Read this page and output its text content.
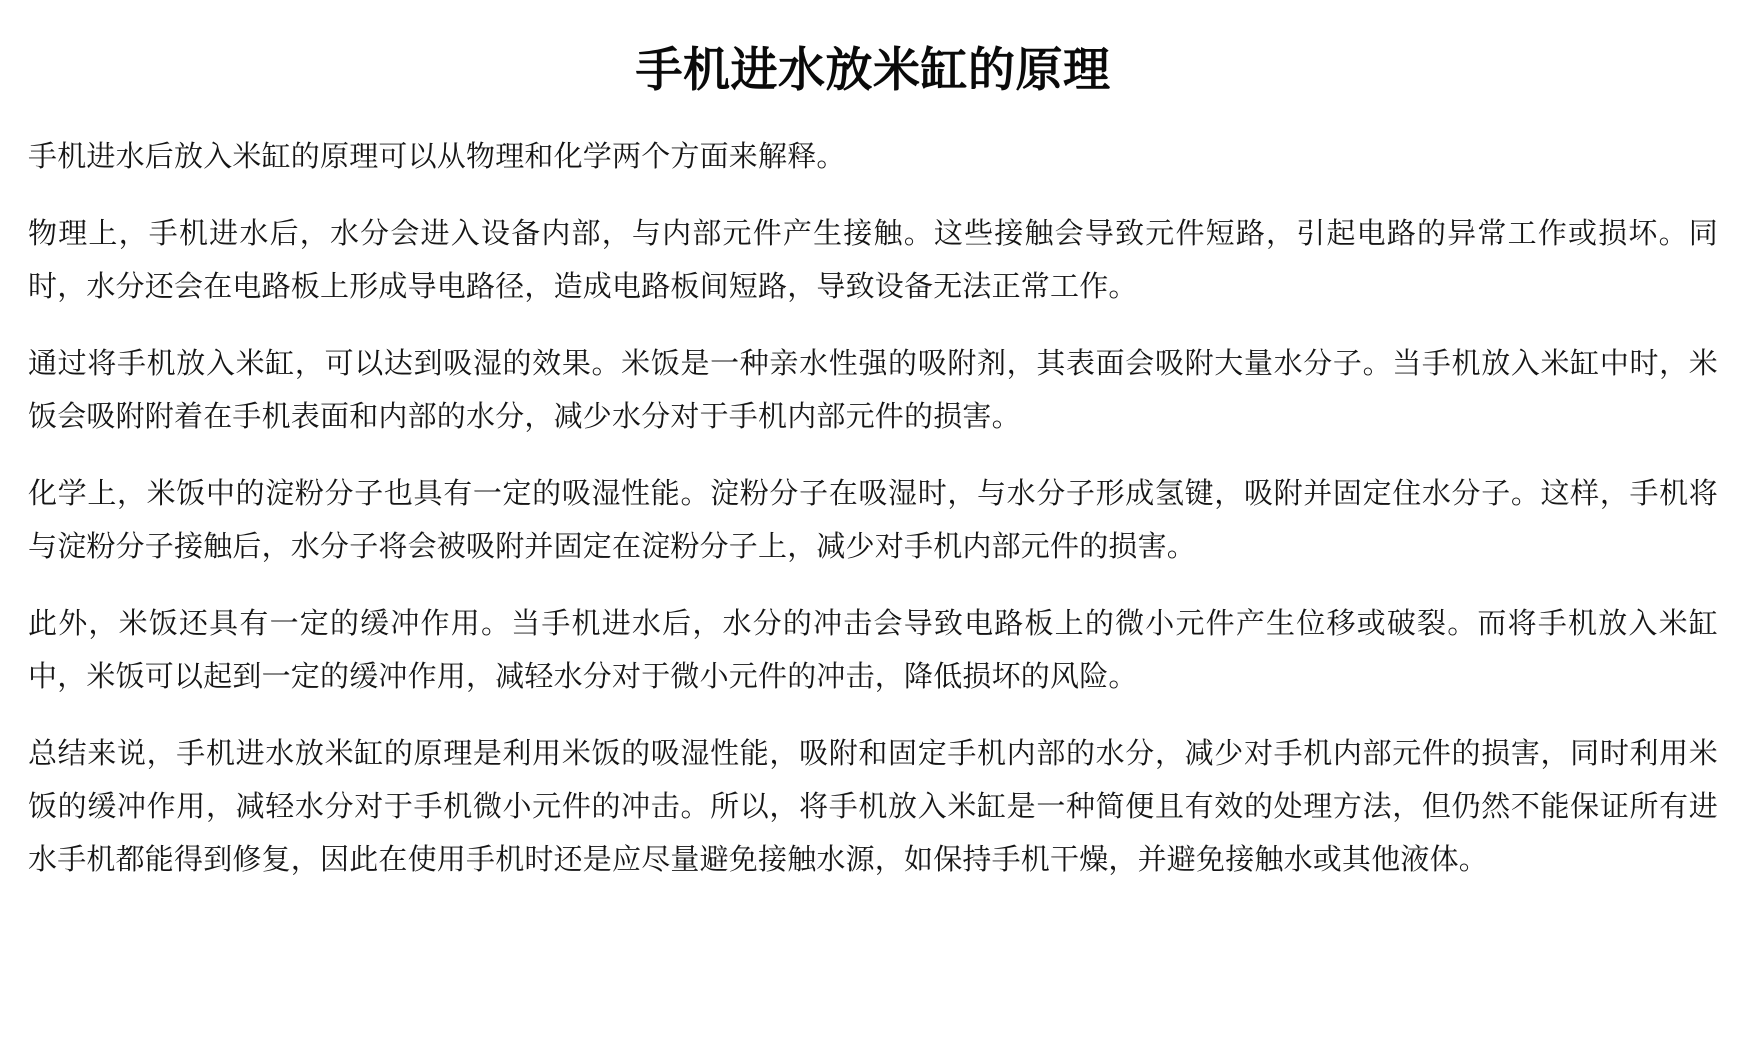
手机进水放米缸的原理

手机进水后放入米缸的原理可以从物理和化学两个方面来解释。

物理上，手机进水后，水分会进入设备内部，与内部元件产生接触。这些接触会导致元件短路，引起电路的异常工作或损坏。同时，水分还会在电路板上形成导电路径，造成电路板间短路，导致设备无法正常工作。

通过将手机放入米缸，可以达到吸湿的效果。米饭是一种亲水性强的吸附剂，其表面会吸附大量水分子。当手机放入米缸中时，米饭会吸附附着在手机表面和内部的水分，减少水分对于手机内部元件的损害。

化学上，米饭中的淀粉分子也具有一定的吸湿性能。淀粉分子在吸湿时，与水分子形成氢键，吸附并固定住水分子。这样，手机将与淀粉分子接触后，水分子将会被吸附并固定在淀粉分子上，减少对手机内部元件的损害。

此外，米饭还具有一定的缓冲作用。当手机进水后，水分的冲击会导致电路板上的微小元件产生位移或破裂。而将手机放入米缸中，米饭可以起到一定的缓冲作用，减轻水分对于微小元件的冲击，降低损坏的风险。

总结来说，手机进水放米缸的原理是利用米饭的吸湿性能，吸附和固定手机内部的水分，减少对手机内部元件的损害，同时利用米饭的缓冲作用，减轻水分对于手机微小元件的冲击。所以，将手机放入米缸是一种简便且有效的处理方法，但仍然不能保证所有进水手机都能得到修复，因此在使用手机时还是应尽量避免接触水源，如保持手机干燥，并避免接触水或其他液体。
